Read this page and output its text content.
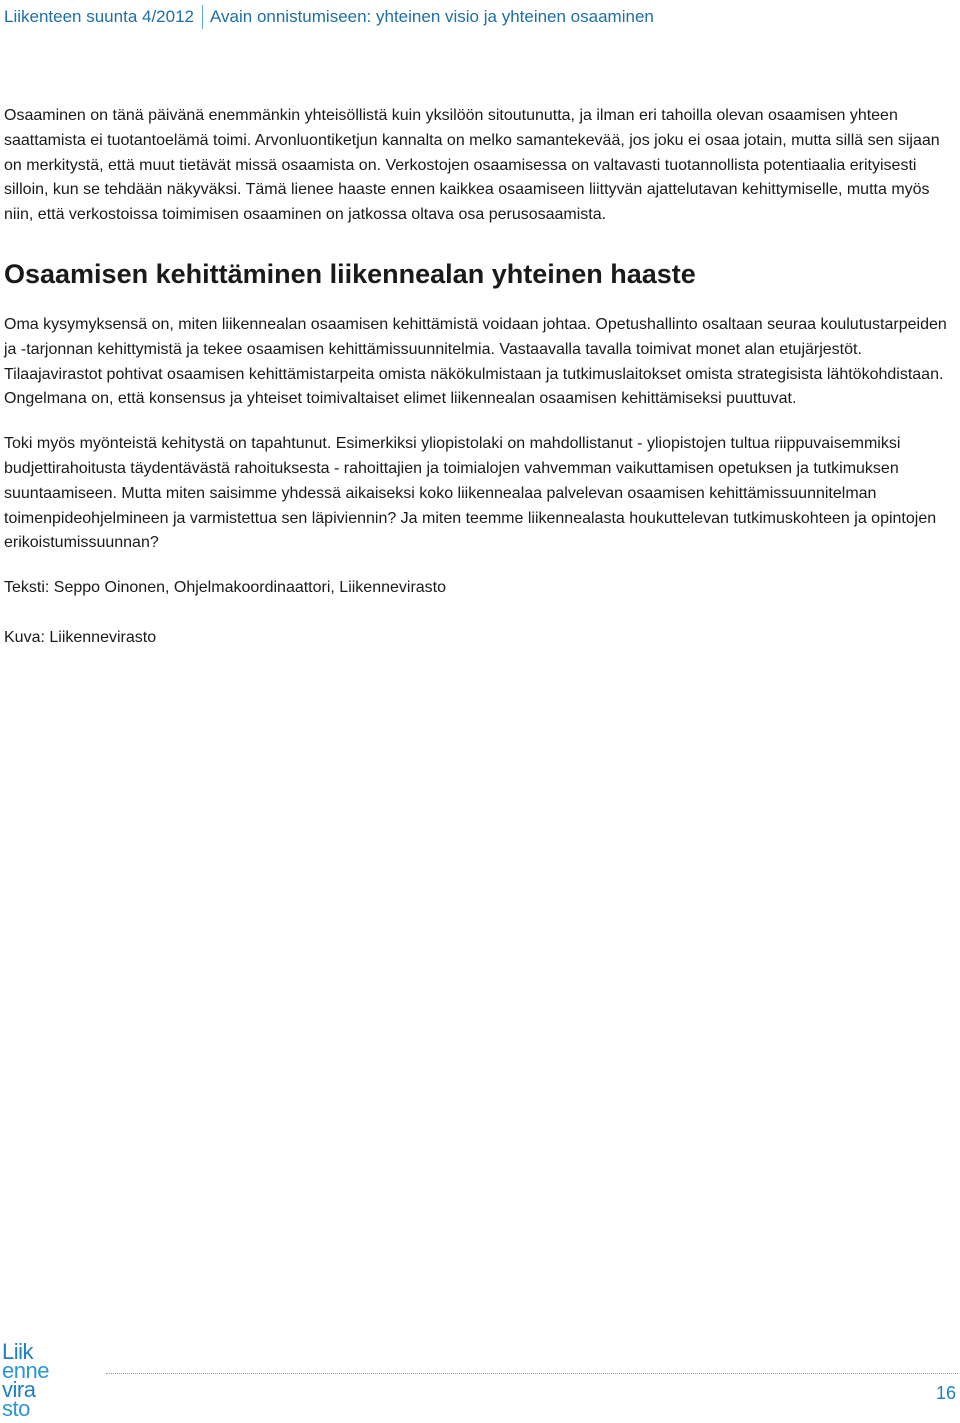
Liikenteen suunta 4/2012 Avain onnistumiseen: yhteinen visio ja yhteinen osaaminen

Osaaminen on tänä päivänä enemmänkin yhteisöllistä kuin yksilöön sitoutunutta, ja ilman eri tahoilla olevan osaamisen yhteen saattamista ei tuotantoelämä toimi. Arvonluontiketjun kannalta on melko samantekevää, jos joku ei osaa jotain, mutta sillä sen sijaan on merkitystä, että muut tietävät missä osaamista on. Verkostojen osaamisessa on valtavasti tuotannollista potentiaalia erityisesti silloin, kun se tehdään näkyväksi. Tämä lienee haaste ennen kaikkea osaamiseen liittyvän ajattelutavan kehittymiselle, mutta myös niin, että verkostoissa toimimisen osaaminen on jatkossa oltava osa perusosaamista.

Osaamisen kehittäminen liikennealan yhteinen haaste

Oma kysymyksensä on, miten liikennealan osaamisen kehittämistä voidaan johtaa. Opetushallinto osaltaan seuraa koulutustarpeiden ja -tarjonnan kehittymistä ja tekee osaamisen kehittämissuunnitelmia. Vastaavalla tavalla toimivat monet alan etujärjestöt. Tilaajavirastot pohtivat osaamisen kehittämistarpeita omista näkökulmistaan ja tutkimuslaitokset omista strategisista lähtökohdistaan. Ongelmana on, että konsensus ja yhteiset toimivaltaiset elimet liikennealan osaamisen kehittämiseksi puuttuvat.

Toki myös myönteistä kehitystä on tapahtunut. Esimerkiksi yliopistolaki on mahdollistanut - yliopistojen tultua riippuvaisemmiksi budjettirahoitusta täydentävästä rahoituksesta - rahoittajien ja toimialojen vahvemman vaikuttamisen opetuksen ja tutkimuksen suuntaamiseen. Mutta miten saisimme yhdessä aikaiseksi koko liikennealaa palvelevan osaamisen kehittämissuunnitelman toimenpideohjelmineen ja varmistettua sen läpiviennin? Ja miten teemme liikennealasta houkuttelevan tutkimuskohteen ja opintojen erikoistumissuunnan?

Teksti: Seppo Oinonen, Ohjelmakoordinaattori, Liikennevirasto

Kuva: Liikennevirasto

Liik
enne
vira
sto
16
